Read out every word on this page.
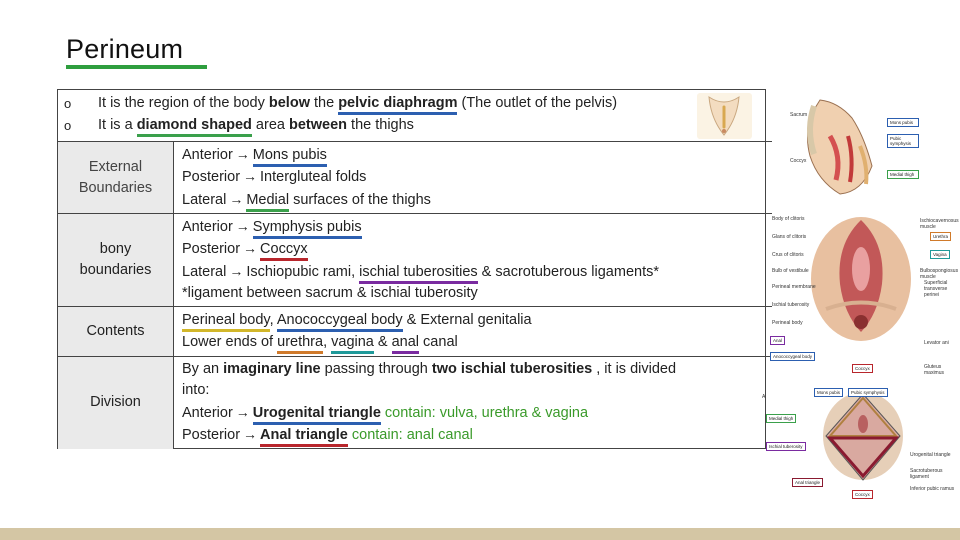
Perineum
o	It is the region of the body below the pelvic diaphragm (The outlet of the pelvis)
o	It is a diamond shaped area between the thighs
External Boundaries	Anterior → Mons pubis
Posterior → Intergluteal folds
Lateral → Medial surfaces of the thighs

bony boundaries	Anterior → Symphysis pubis
Posterior → Coccyx
Lateral → Ischiopubic rami, ischial tuberosities & sacrotuberous ligaments*
*ligament between sacrum & ischial tuberosity

Contents	Perineal body, Anococcygeal body & External genitalia
Lower ends of urethra, vagina & anal canal

Division	By an imaginary line passing through two ischial tuberosities , it is divided
into:
Anterior → Urogenital triangle contain: vulva, urethra & vagina
Posterior → Anal triangle contain: anal canal
Sacrum
Coccyx
Mons pubis
Pubic symphysis
Medial thigh
Body of clitoris
Glans of clitoris
Crus of clitoris
Bulb of vestibule
Perineal membrane
Ischial tuberosity
Perineal body
Ischiocavernosus muscle
Urethra
Vagina
Bulbospongiosus muscle
Superficial transverse perinei
Levator ani
Gluteus maximus
Anal
Anococcygeal body
Coccyx
A
Mons pubis	Pubic symphysis
Medial thigh
Ischial tuberosity
Anal triangle
Coccyx
Urogenital triangle
Sacrotuberous ligament
Inferior pubic ramus
